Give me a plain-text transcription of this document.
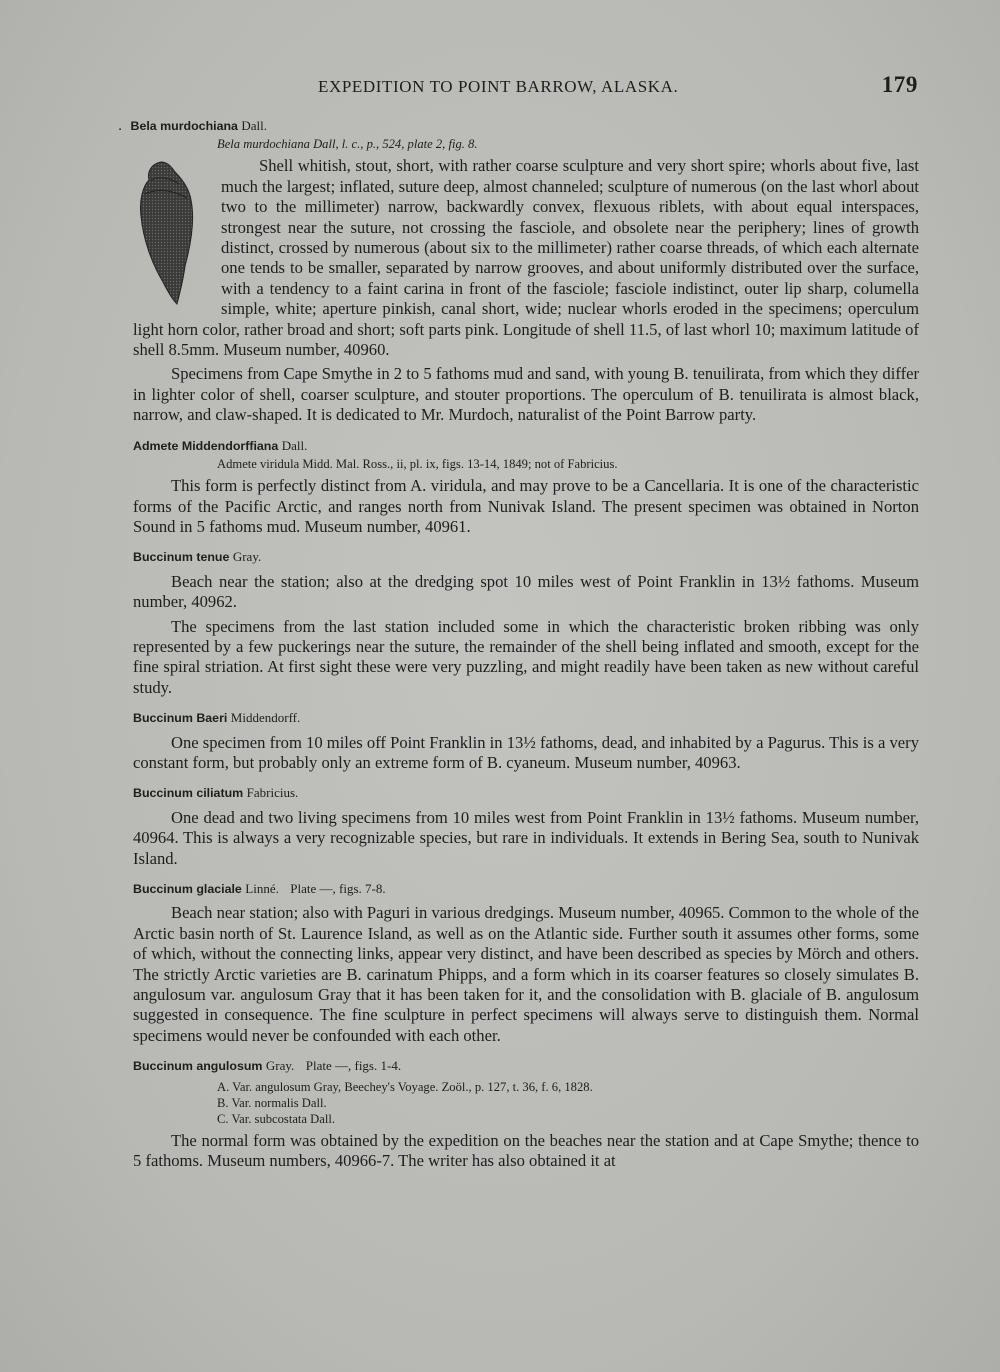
EXPEDITION TO POINT BARROW, ALASKA.	179
.  Bela murdochiana Dall.
Bela murdochiana Dall, l. c., p., 524, plate 2, fig. 8.

Shell whitish, stout, short, with rather coarse sculpture and very short spire; whorls about five, last much the largest; inflated, suture deep, almost channeled; sculpture of numerous (on the last whorl about two to the millimeter) narrow, backwardly convex, flexuous riblets, with about equal interspaces, strongest near the suture, not crossing the fasciole, and obsolete near the periphery; lines of growth distinct, crossed by numerous (about six to the millimeter) rather coarse threads, of which each alternate one tends to be smaller, separated by narrow grooves, and about uniformly distributed over the surface, with a tendency to a faint carina in front of the fasciole; fasciole indistinct, outer lip sharp, columella simple, white; aperture pinkish, canal short, wide; nuclear whorls eroded in the specimens; operculum light horn color, rather broad and short; soft parts pink. Longitude of shell 11.5, of last whorl 10; maximum latitude of shell 8.5mm. Museum number, 40960.

Specimens from Cape Smythe in 2 to 5 fathoms mud and sand, with young B. tenuilirata, from which they differ in lighter color of shell, coarser sculpture, and stouter proportions. The operculum of B. tenuilirata is almost black, narrow, and claw-shaped. It is dedicated to Mr. Murdoch, naturalist of the Point Barrow party.

Admete Middendorffiana Dall.
Admete viridula Midd. Mal. Ross., ii, pl. ix, figs. 13-14, 1849; not of Fabricius.

This form is perfectly distinct from A. viridula, and may prove to be a Cancellaria. It is one of the characteristic forms of the Pacific Arctic, and ranges north from Nunivak Island. The present specimen was obtained in Norton Sound in 5 fathoms mud. Museum number, 40961.

Buccinum tenue Gray.

Beach near the station; also at the dredging spot 10 miles west of Point Franklin in 13½ fathoms. Museum number, 40962.

The specimens from the last station included some in which the characteristic broken ribbing was only represented by a few puckerings near the suture, the remainder of the shell being inflated and smooth, except for the fine spiral striation. At first sight these were very puzzling, and might readily have been taken as new without careful study.

Buccinum Baeri Middendorff.

One specimen from 10 miles off Point Franklin in 13½ fathoms, dead, and inhabited by a Pagurus. This is a very constant form, but probably only an extreme form of B. cyaneum. Museum number, 40963.

Buccinum ciliatum Fabricius.

One dead and two living specimens from 10 miles west from Point Franklin in 13½ fathoms. Museum number, 40964. This is always a very recognizable species, but rare in individuals. It extends in Bering Sea, south to Nunivak Island.

Buccinum glaciale Linné. Plate —, figs. 7-8.

Beach near station; also with Paguri in various dredgings. Museum number, 40965. Common to the whole of the Arctic basin north of St. Laurence Island, as well as on the Atlantic side. Further south it assumes other forms, some of which, without the connecting links, appear very distinct, and have been described as species by Mörch and others. The strictly Arctic varieties are B. carinatum Phipps, and a form which in its coarser features so closely simulates B. angulosum var. angulosum Gray that it has been taken for it, and the consolidation with B. glaciale of B. angulosum suggested in consequence. The fine sculpture in perfect specimens will always serve to distinguish them. Normal specimens would never be confounded with each other.

Buccinum angulosum Gray. Plate —, figs. 1-4.
A. Var. angulosum Gray, Beechey's Voyage. Zoöl., p. 127, t. 36, f. 6, 1828.
B. Var. normalis Dall.
C. Var. subcostata Dall.

The normal form was obtained by the expedition on the beaches near the station and at Cape Smythe; thence to 5 fathoms. Museum numbers, 40966-7. The writer has also obtained it at
